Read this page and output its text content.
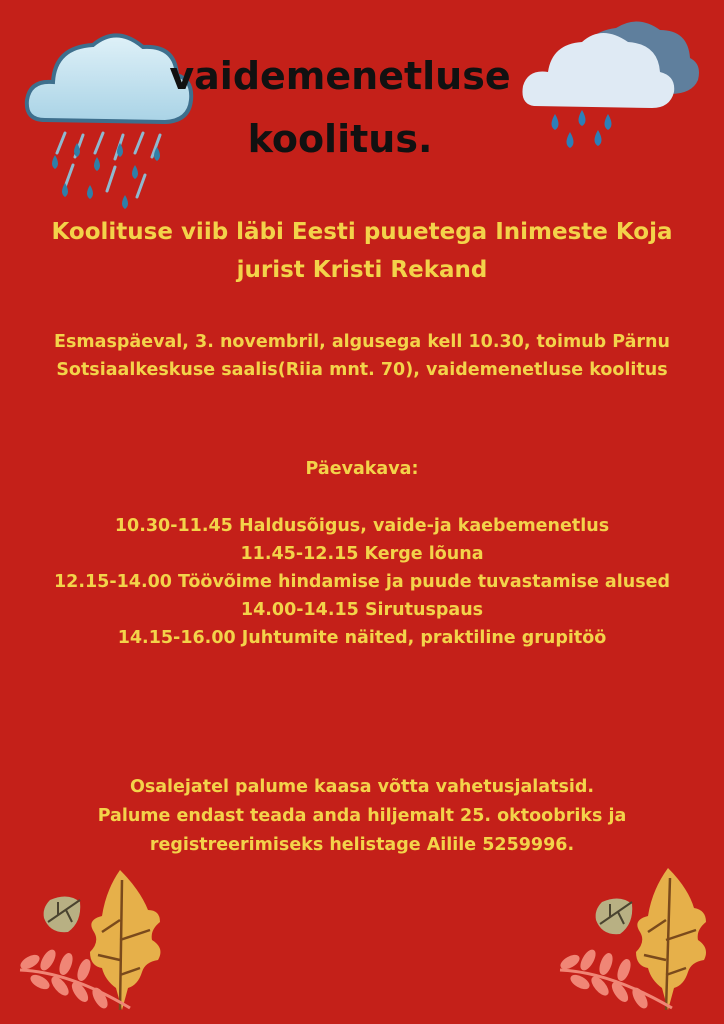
vaidemenetluse
koolitus.
Koolituse viib läbi Eesti puuetega Inimeste Koja
jurist Kristi Rekand
Esmaspäeval, 3. novembril, algusega kell 10.30, toimub Pärnu
Sotsiaalkeskuse saalis(Riia mnt. 70), vaidemenetluse koolitus
Päevakava:
10.30-11.45 Haldusõigus, vaide-ja kaebemenetlus
11.45-12.15 Kerge lõuna
12.15-14.00 Töövõime hindamise ja puude tuvastamise alused
14.00-14.15 Sirutuspaus
14.15-16.00 Juhtumite näited, praktiline grupitöö
Osalejatel palume kaasa võtta vahetusjalatsid.
Palume endast teada anda hiljemalt 25. oktoobriks ja
registreerimiseks helistage Ailile 5259996.
